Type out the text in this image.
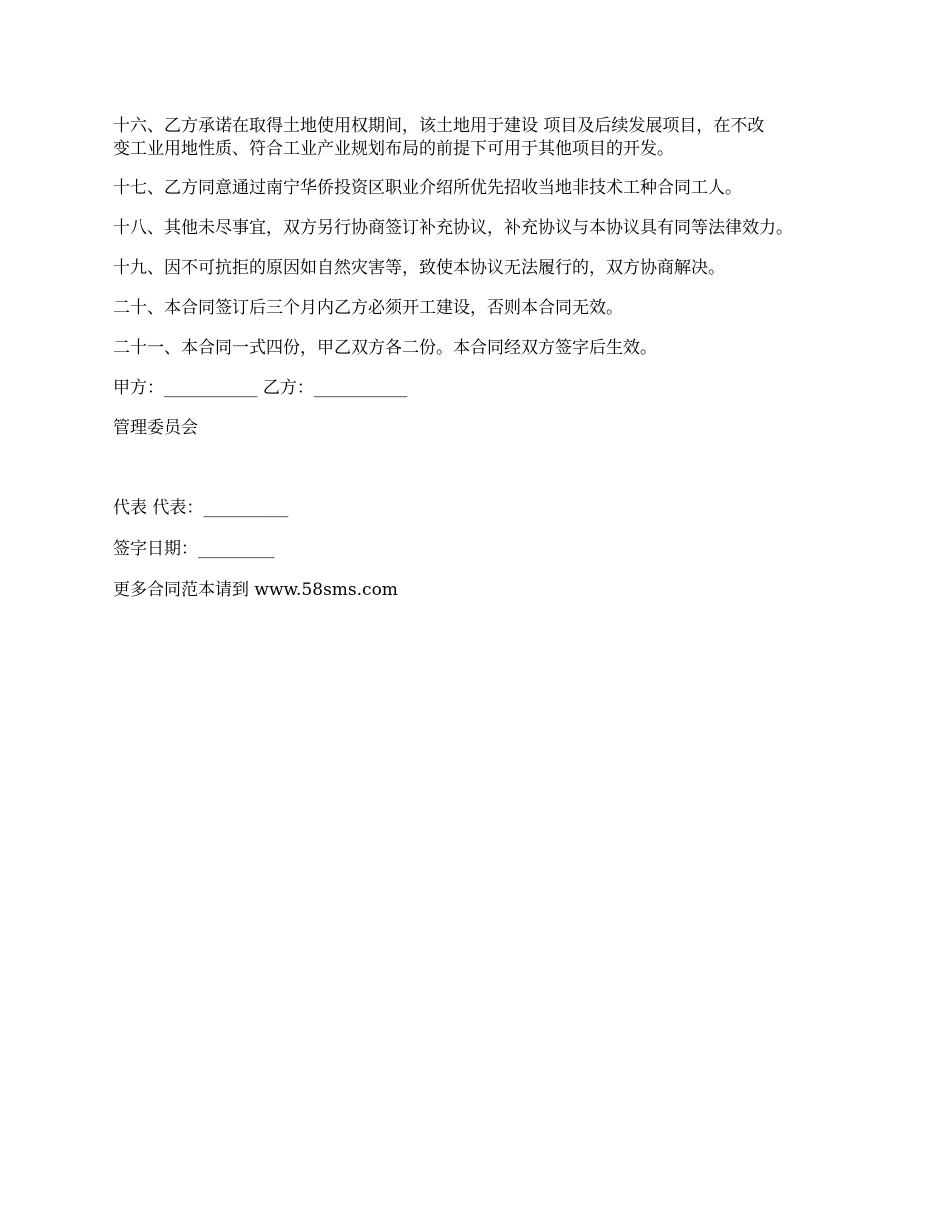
十六、乙方承诺在取得土地使用权期间，该土地用于建设 项目及后续发展项目，在不改
变工业用地性质、符合工业产业规划布局的前提下可用于其他项目的开发。
十七、乙方同意通过南宁华侨投资区职业介绍所优先招收当地非技术工种合同工人。
十八、其他未尽事宜，双方另行协商签订补充协议，补充协议与本协议具有同等法律效力。
十九、因不可抗拒的原因如自然灾害等，致使本协议无法履行的，双方协商解决。
二十、本合同签订后三个月内乙方必须开工建设，否则本合同无效。
二十一、本合同一式四份，甲乙双方各二份。本合同经双方签字后生效。
甲方：___________ 乙方：___________
管理委员会
代表 代表：__________
签字日期：_________
更多合同范本请到 www.58sms.com
